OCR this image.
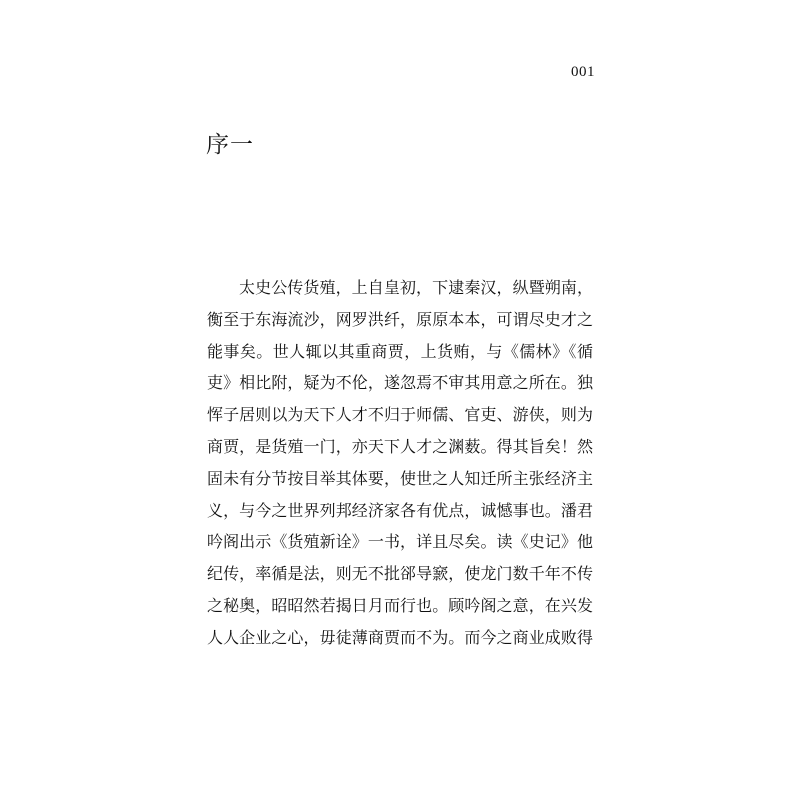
001
序一
太史公传货殖，上自皇初，下逮秦汉，纵暨朔南，
衡至于东海流沙，网罗洪纤，原原本本，可谓尽史才之
能事矣。世人辄以其重商贾，上货贿，与《儒林》《循
吏》相比附，疑为不伦，遂忽焉不审其用意之所在。独
恽子居则以为天下人才不归于师儒、官吏、游侠，则为
商贾，是货殖一门，亦天下人才之渊薮。得其旨矣！然
固未有分节按目举其体要，使世之人知迁所主张经济主
义，与今之世界列邦经济家各有优点，诚憾事也。潘君
吟阁出示《货殖新诠》一书，详且尽矣。读《史记》他
纪传，率循是法，则无不批郤导窾，使龙门数千年不传
之秘奥，昭昭然若揭日月而行也。顾吟阁之意，在兴发
人人企业之心，毋徒薄商贾而不为。而今之商业成败得
